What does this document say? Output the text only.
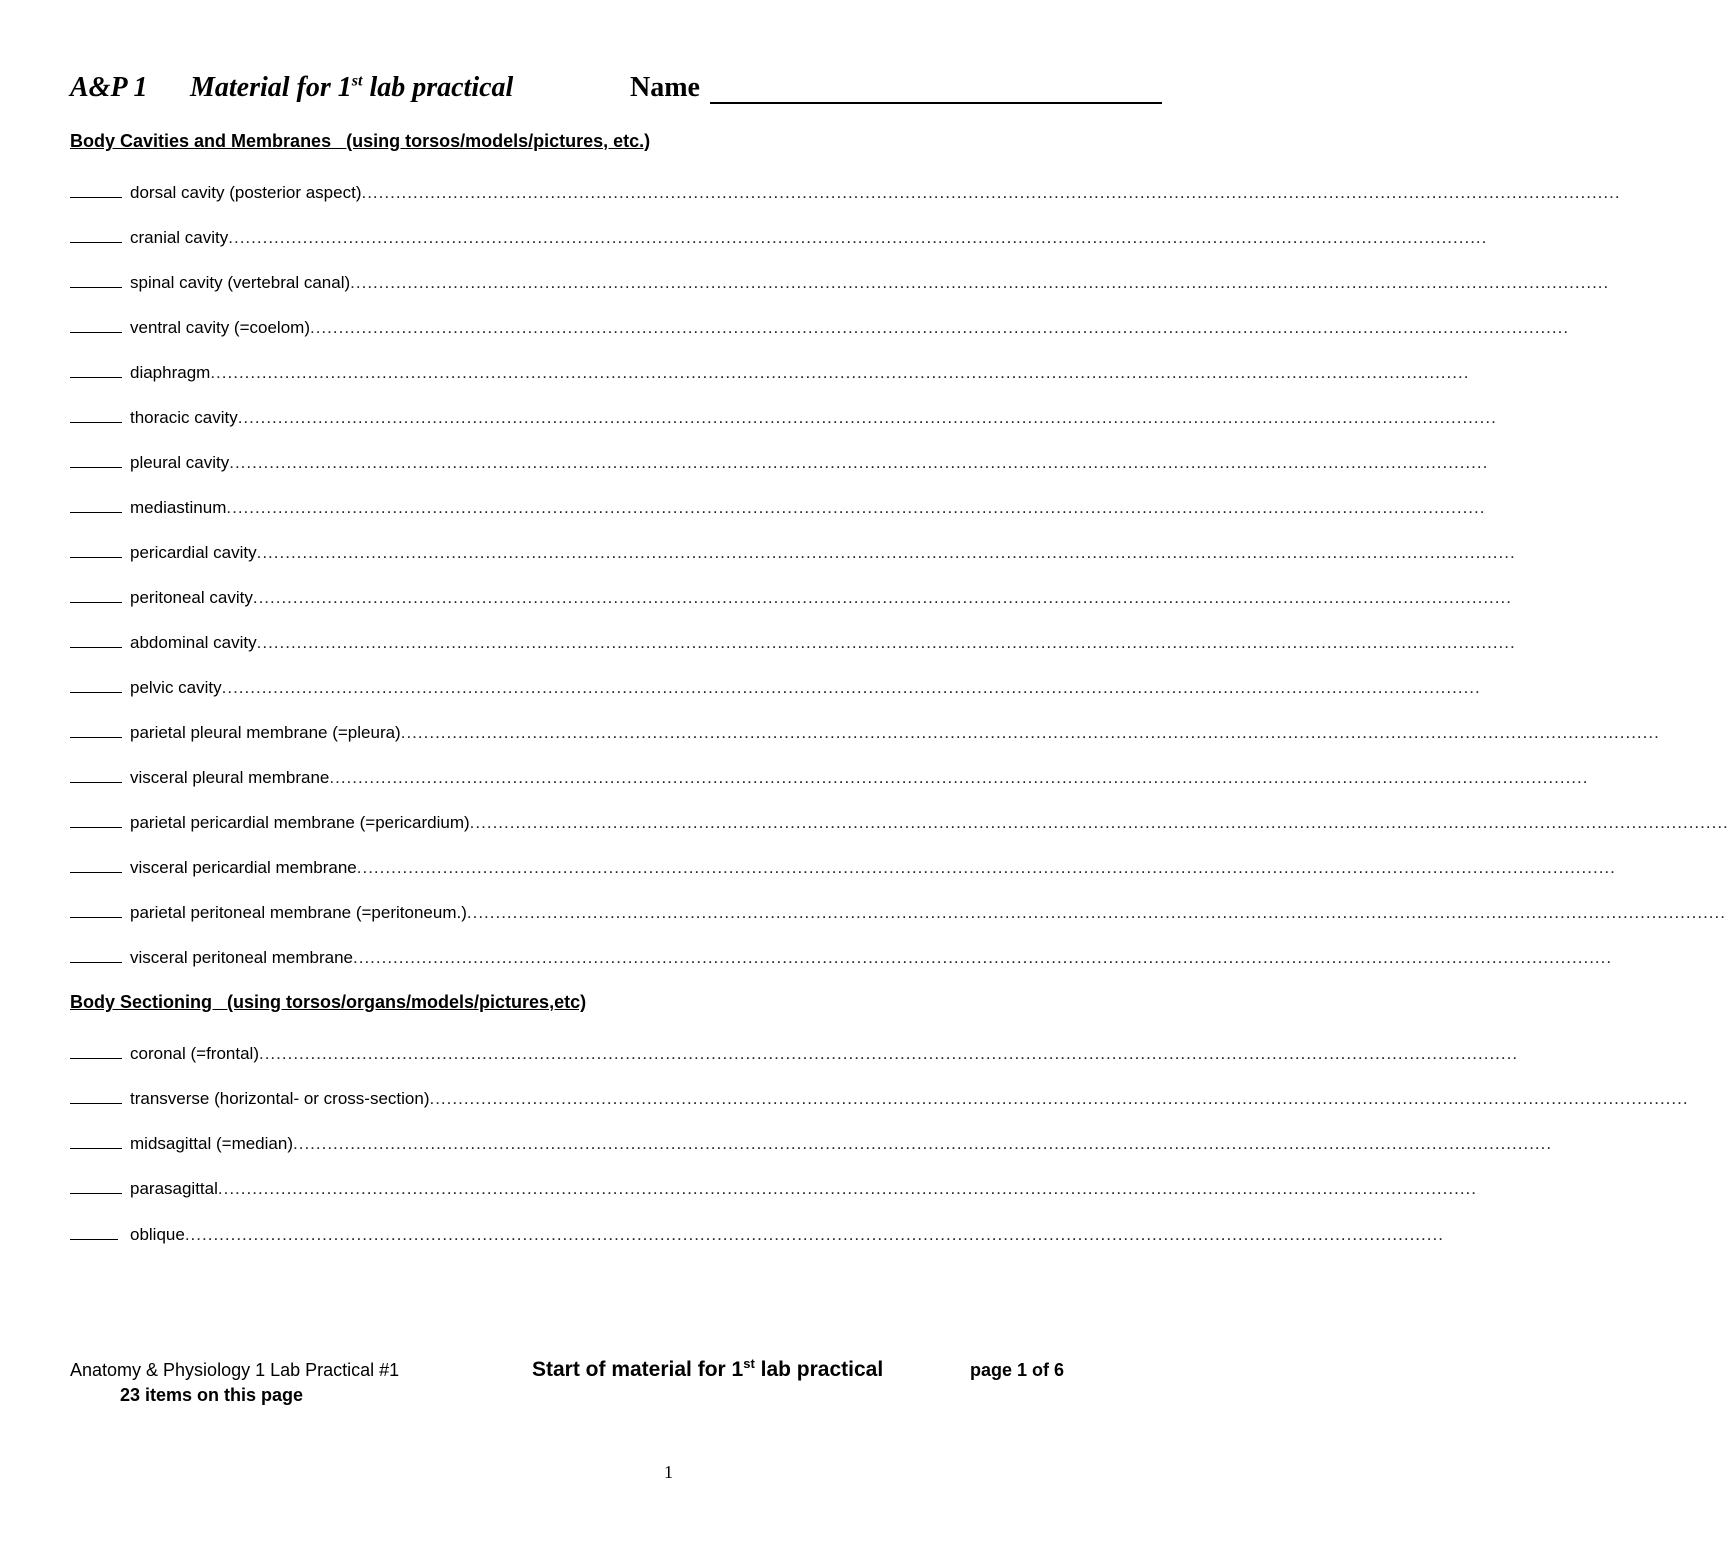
A&P 1 Material for 1st lab practical	Name
Body Cavities and Membranes   (using torsos/models/pictures, etc.)
dorsal cavity (posterior aspect)............................................................................................................................................................................................................................
cranial cavity............................................................................................................................................................................................................................
spinal cavity (vertebral canal)............................................................................................................................................................................................................................
ventral cavity (=coelom)............................................................................................................................................................................................................................
diaphragm............................................................................................................................................................................................................................
thoracic cavity............................................................................................................................................................................................................................
pleural cavity............................................................................................................................................................................................................................
mediastinum............................................................................................................................................................................................................................
pericardial cavity............................................................................................................................................................................................................................
peritoneal cavity............................................................................................................................................................................................................................
abdominal cavity............................................................................................................................................................................................................................
pelvic cavity............................................................................................................................................................................................................................
parietal pleural membrane (=pleura)............................................................................................................................................................................................................................
visceral pleural membrane............................................................................................................................................................................................................................
parietal pericardial membrane (=pericardium)............................................................................................................................................................................................................................
visceral pericardial membrane............................................................................................................................................................................................................................
parietal peritoneal membrane (=peritoneum.)............................................................................................................................................................................................................................
visceral peritoneal membrane............................................................................................................................................................................................................................
Body Sectioning   (using torsos/organs/models/pictures,etc)
coronal (=frontal)............................................................................................................................................................................................................................
transverse (horizontal- or cross-section)............................................................................................................................................................................................................................
midsagittal (=median)............................................................................................................................................................................................................................
parasagittal............................................................................................................................................................................................................................
oblique............................................................................................................................................................................................................................
Anatomy & Physiology 1 Lab Practical #1
23 items on this page
Start of material for 1st lab practical	page 1 of 6
1
